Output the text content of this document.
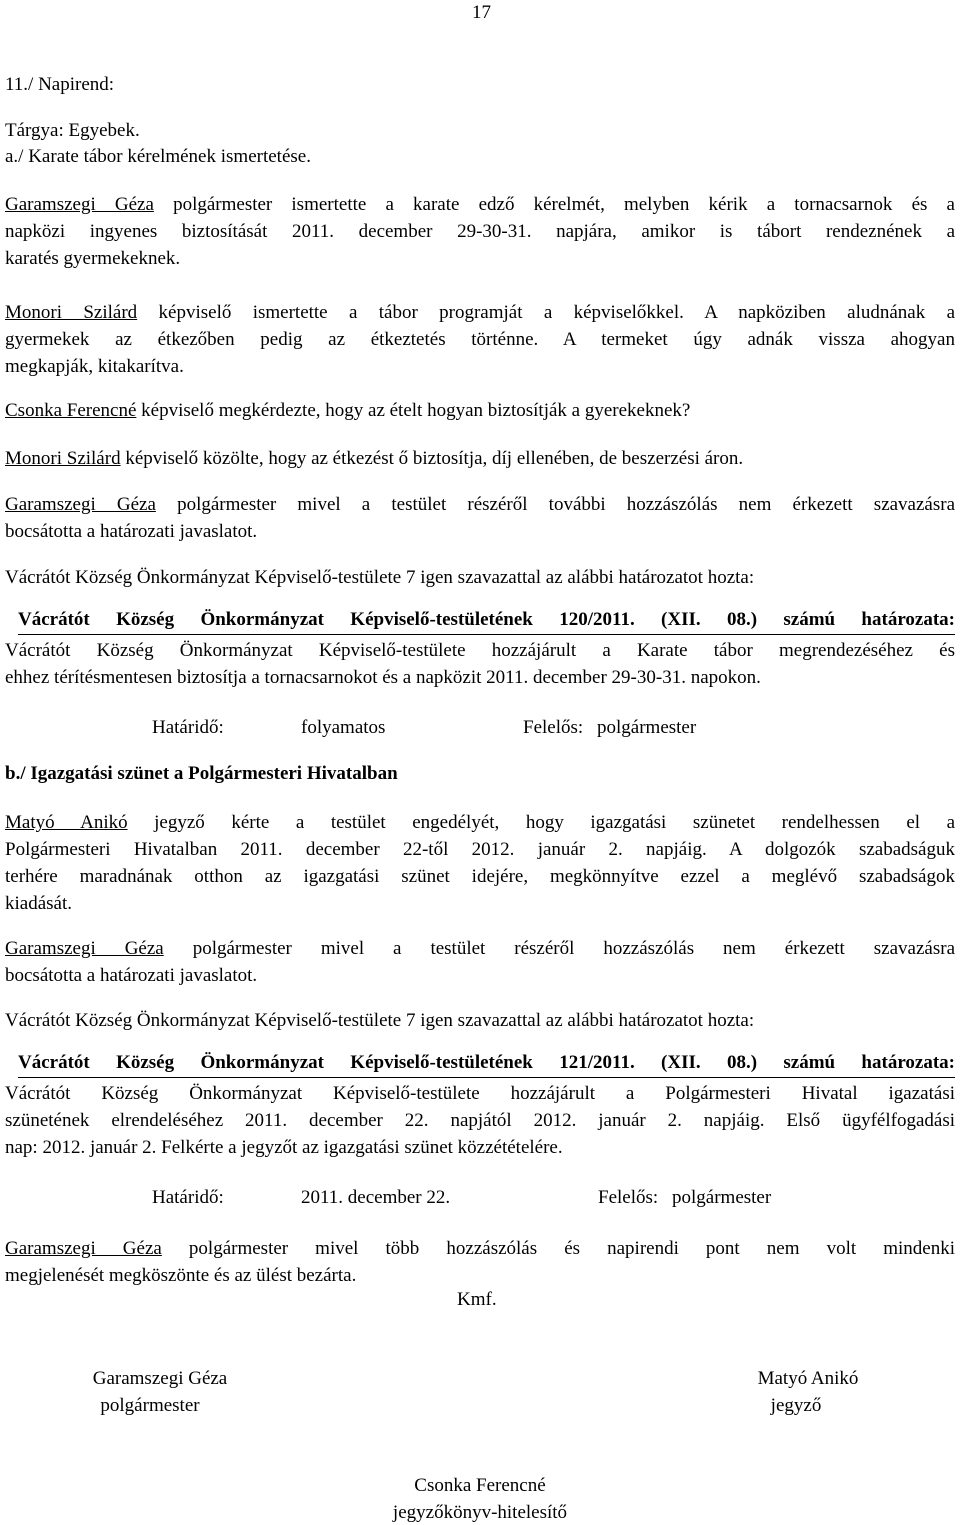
17
11./ Napirend:
Tárgya: Egyebek.
a./ Karate tábor kérelmének ismertetése.
Garamszegi Géza polgármester ismertette a karate edző kérelmét, melyben kérik a tornacsarnok és a
napközi ingyenes biztosítását 2011. december 29-30-31. napjára, amikor is tábort rendeznének a
karatés gyermekeknek.
Monori Szilárd képviselő ismertette a tábor programját a képviselőkkel. A napköziben aludnának a
gyermekek az étkezőben pedig az étkeztetés történne. A termeket úgy adnák vissza ahogyan
megkapják, kitakarítva.
Csonka Ferencné képviselő megkérdezte, hogy az ételt hogyan biztosítják a gyerekeknek?
Monori Szilárd képviselő közölte, hogy az étkezést ő biztosítja, díj ellenében, de beszerzési áron.
Garamszegi Géza polgármester mivel a testület részéről további hozzászólás nem érkezett szavazásra
bocsátotta a határozati javaslatot.
Vácrátót Község Önkormányzat Képviselő-testülete 7 igen szavazattal az alábbi határozatot hozta:
Vácrátót Község Önkormányzat Képviselő-testületének 120/2011. (XII. 08.) számú határozata:
Vácrátót Község Önkormányzat Képviselő-testülete hozzájárult a Karate tábor megrendezéséhez és
ehhez térítésmentesen biztosítja a tornacsarnokot és a napközit 2011. december 29-30-31. napokon.
Határidő:	folyamatos	Felelős: polgármester
b./ Igazgatási szünet a Polgármesteri Hivatalban
Matyó Anikó jegyző kérte a testület engedélyét, hogy igazgatási szünetet rendelhessen el a
Polgármesteri Hivatalban 2011. december 22-től 2012. január 2. napjáig. A dolgozók szabadságuk
terhére maradnának otthon az igazgatási szünet idejére, megkönnyítve ezzel a meglévő szabadságok
kiadását.
Garamszegi Géza polgármester mivel a testület részéről hozzászólás nem érkezett szavazásra
bocsátotta a határozati javaslatot.
Vácrátót Község Önkormányzat Képviselő-testülete 7 igen szavazattal az alábbi határozatot hozta:
Vácrátót Község Önkormányzat Képviselő-testületének 121/2011. (XII. 08.) számú határozata:
Vácrátót Község Önkormányzat Képviselő-testülete hozzájárult a Polgármesteri Hivatal igazatási
szünetének elrendeléséhez 2011. december 22. napjától 2012. január 2. napjáig. Első ügyfélfogadási
nap: 2012. január 2. Felkérte a jegyzőt az igazgatási szünet közzétételére.
Határidő:	2011. december 22.	Felelős: polgármester
Garamszegi Géza polgármester mivel több hozzászólás és napirendi pont nem volt mindenki
megjelenését megköszönte és az ülést bezárta.
Kmf.
Garamszegi Géza
polgármester
Matyó Anikó
jegyző
Csonka Ferencné
jegyzőkönyv-hitelesítő
